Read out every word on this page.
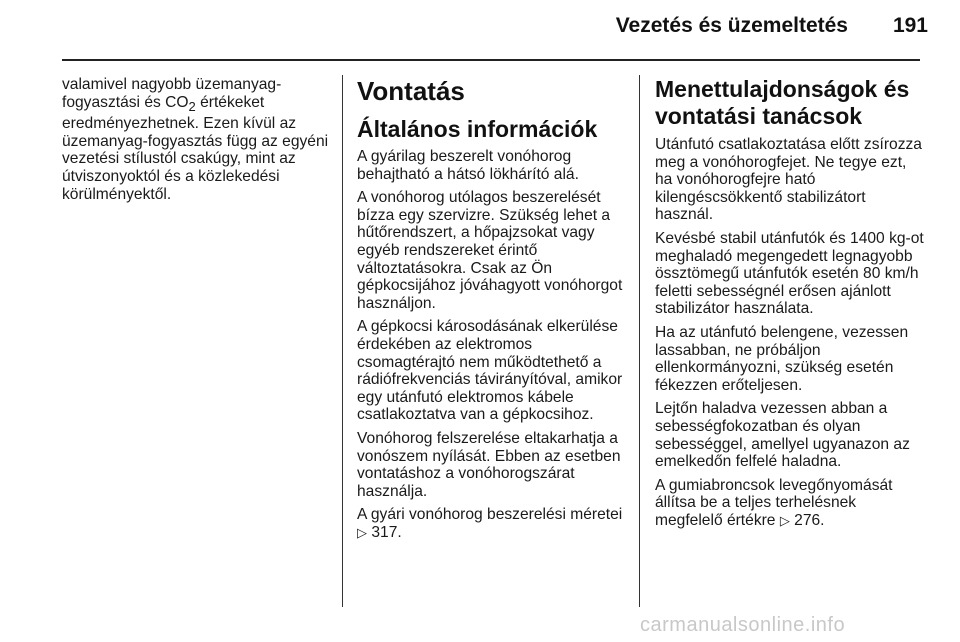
Vezetés és üzemeltetés	191

valamivel nagyobb üzemanyag-fogyasztási és $CO_2$ értékeket eredményezhetnek. Ezen kívül az üzemanyag-fogyasztás függ az egyéni vezetési stílustól csakúgy, mint az útviszonyoktól és a közlekedési körülményektől.

Vontatás
Általános információk

A gyárilag beszerelt vonóhorog behajtható a hátsó lökhárító alá.

A vonóhorog utólagos beszerelését bízza egy szervizre. Szükség lehet a hűtőrendszert, a hőpajzsokat vagy egyéb rendszereket érintő változtatásokra. Csak az Ön gépkocsijához jóváhagyott vonóhorgot használjon.

A gépkocsi károsodásának elkerülése érdekében az elektromos csomagtérajtó nem működtethető a rádiófrekvenciás távirányítóval, amikor egy utánfutó elektromos kábele csatlakoztatva van a gépkocsihoz.

Vonóhorog felszerelése eltakarhatja a vonószem nyílását. Ebben az esetben vontatáshoz a vonóhorogszárat használja.

A gyári vonóhorog beszerelési méretei ▷ 317.

Menettulajdonságok és vontatási tanácsok

Utánfutó csatlakoztatása előtt zsírozza meg a vonóhorogfejet. Ne tegye ezt, ha vonóhorogfejre ható kilengéscsökkentő stabilizátort használ.

Kevésbé stabil utánfutók és 1400 kg-ot meghaladó megengedett legnagyobb össztömegű utánfutók esetén 80 km/h feletti sebességnél erősen ajánlott stabilizátor használata.

Ha az utánfutó belengene, vezessen lassabban, ne próbáljon ellenkormányozni, szükség esetén fékezzen erőteljesen.

Lejtőn haladva vezessen abban a sebességfokozatban és olyan sebességgel, amellyel ugyanazon az emelkedőn felfelé haladna.

A gumiabroncsok levegőnyomását állítsa be a teljes terhelésnek megfelelő értékre ▷ 276.

carmanualsonline.info
